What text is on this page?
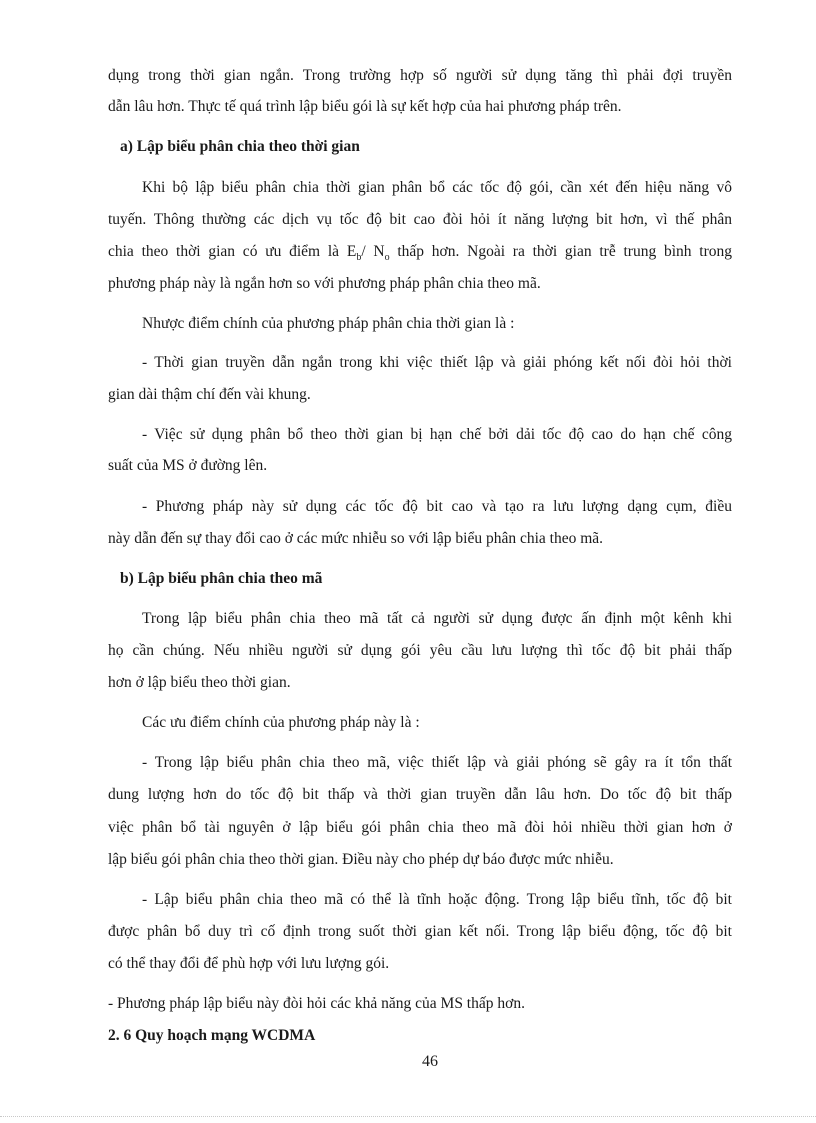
dụng trong thời gian ngắn. Trong trường hợp số người sử dụng tăng thì phải đợi truyền
dẫn lâu hơn. Thực tế quá trình lập biểu gói là sự kết hợp của hai phương pháp trên.
a) Lập biểu phân chia theo thời gian
Khi bộ lập biểu phân chia thời gian phân bổ các tốc độ gói, cần xét đến hiệu năng vô
tuyến. Thông thường các dịch vụ tốc độ bit cao đòi hỏi ít năng lượng bit hơn, vì thế phân
chia theo thời gian có ưu điểm là $E_b/$ $N_o$ thấp hơn. Ngoài ra thời gian trễ trung bình trong
phương pháp này là ngắn hơn so với phương pháp phân chia theo mã.
Nhược điểm chính của phương pháp phân chia thời gian là :
- Thời gian truyền dẫn ngắn trong khi việc thiết lập và giải phóng kết nối đòi hỏi thời
gian dài thậm chí đến vài khung.
- Việc sử dụng phân bổ theo thời gian bị hạn chế bởi dải tốc độ cao do hạn chế công
suất của MS ở đường lên.
- Phương pháp này sử dụng các tốc độ bit cao và tạo ra lưu lượng dạng cụm, điều
này dẫn đến sự thay đổi cao ở các mức nhiễu so với lập biểu phân chia theo mã.
b) Lập biểu phân chia theo mã
Trong lập biểu phân chia theo mã tất cả người sử dụng được ấn định một kênh khi
họ cần chúng. Nếu nhiều người sử dụng gói yêu cầu lưu lượng thì tốc độ bit phải thấp
hơn ở lập biểu theo thời gian.
Các ưu điểm chính của phương pháp này là :
- Trong lập biểu phân chia theo mã, việc thiết lập và giải phóng sẽ gây ra ít tổn thất
dung lượng hơn do tốc độ bit thấp và thời gian truyền dẫn lâu hơn. Do tốc độ bit thấp
việc phân bổ tài nguyên ở lập biểu gói phân chia theo mã đòi hỏi nhiều thời gian hơn ở
lập biểu gói phân chia theo thời gian. Điều này cho phép dự báo được mức nhiễu.
- Lập biểu phân chia theo mã có thể là tĩnh hoặc động. Trong lập biểu tĩnh, tốc độ bit
được phân bổ duy trì cố định trong suốt thời gian kết nối. Trong lập biểu động, tốc độ bit
có thể thay đổi để phù hợp với lưu lượng gói.
- Phương pháp lập biểu này đòi hỏi các khả năng của MS thấp hơn.
2. 6 Quy hoạch mạng WCDMA
46
